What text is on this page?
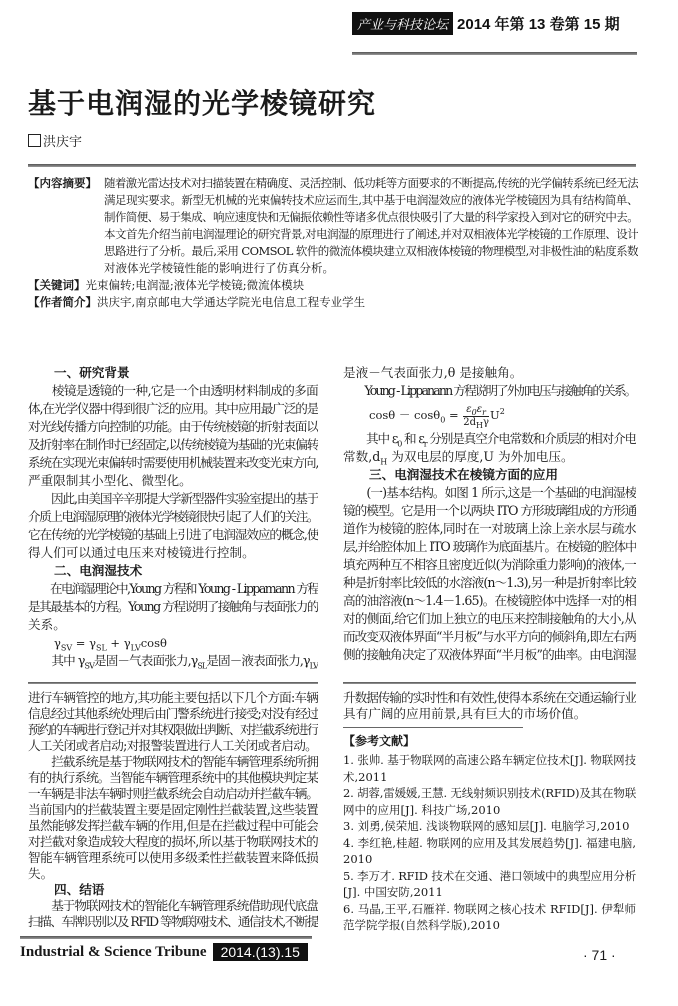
产业与科技论坛 2014 年第 13 卷第 15 期
基于电润湿的光学棱镜研究
洪庆宇
【内容摘要】 随着激光雷达技术对扫描装置在精确度、灵活控制、低功耗等方面要求的不断提高,传统的光学偏转系统已经无法
满足现实要求。新型无机械的光束偏转技术应运而生,其中基于电润湿效应的液体光学棱镜因为具有结构简单、
制作简便、易于集成、响应速度快和无偏振依赖性等诸多优点很快吸引了大量的科学家投入到对它的研究中去。
本文首先介绍当前电润湿理论的研究背景,对电润湿的原理进行了阐述,并对双相液体光学棱镜的工作原理、设计
思路进行了分析。最后,采用 COMSOL 软件的微流体模块建立双相液体棱镜的物理模型,对非极性油的粘度系数
对液体光学棱镜性能的影响进行了仿真分析。
【关键词】光束偏转;电润湿;液体光学棱镜;微流体模块
【作者简介】洪庆宇,南京邮电大学通达学院光电信息工程专业学生
一、研究背景
　　棱镜是透镜的一种,它是一个由透明材料制成的多面
体,在光学仪器中得到很广泛的应用。其中应用最广泛的是
对光线传播方向控制的功能。由于传统棱镜的折射表面以
及折射率在制作时已经固定,以传统棱镜为基础的光束偏转
系统在实现光束偏转时需要使用机械装置来改变光束方向,
严重限制其小型化、微型化。
　　因此,由美国辛辛那提大学新型器件实验室提出的基于
介质上电润湿原理的液体光学棱镜很快引起了人们的关注。
它在传统的光学棱镜的基础上引进了电润湿效应的概念,使
得人们可以通过电压来对棱镜进行控制。
二、电润湿技术
　　在电润湿理论中,Young 方程和 Young - Lippamann 方程
是其最基本的方程。Young 方程说明了接触角与表面张力的
关系。
$\gamma_{SV} = \gamma_{SL} + \gamma_{LV}\cos\theta$
　　其中 $\gamma_{SV}$是固－气表面张力$,\gamma_{SL}$是固－液表面张力$,\gamma_{LV}$
是液－气表面张力,θ 是接触角。
　　Young - Lippanann 方程说明了外加电压与接触角的关系。
$\cos\theta - \cos\theta_0 = \frac{\varepsilon_0\varepsilon_r}{2d_H\gamma} U^2$
　　其中 $\varepsilon_0$ 和 $\varepsilon_r$ 分别是真空介电常数和介质层的相对介电
常数$,d_H$ 为双电层的厚度,U 为外加电压。
三、电润湿技术在棱镜方面的应用
　　(一)基本结构。如图 1 所示,这是一个基础的电润湿棱
镜的模型。它是用一个以两块 ITO 方形玻璃组成的方形通
道作为棱镜的腔体,同时在一对玻璃上涂上亲水层与疏水
层,并给腔体加上 ITO 玻璃作为底面基片。在棱镜的腔体中
填充两种互不相容且密度近似(为消除重力影响)的液体,一
种是折射率比较低的水溶液(n～1.3),另一种是折射率比较
高的油溶液(n～1.4－1.65)。在棱镜腔体中选择一对的相
对的侧面,给它们加上独立的电压来控制接触角的大小,从
而改变双液体界面“半月板”与水平方向的倾斜角,即左右两
侧的接触角决定了双液体界面“半月板”的曲率。由电润湿
进行车辆管控的地方,其功能主要包括以下几个方面:车辆
信息经过其他系统处理后由门警系统进行接受;对没有经过
预约的车辆进行登记并对其权限做出判断、对拦截系统进行
人工关闭或者启动;对报警装置进行人工关闭或者启动。
　　拦截系统是基于物联网技术的智能车辆管理系统所拥
有的执行系统。当智能车辆管理系统中的其他模块判定某
一车辆是非法车辆时则拦截系统会自动启动并拦截车辆。
当前国内的拦截装置主要是固定刚性拦截装置,这些装置
虽然能够发挥拦截车辆的作用,但是在拦截过程中可能会
对拦截对象造成较大程度的损坏,所以基于物联网技术的
智能车辆管理系统可以使用多级柔性拦截装置来降低损
失。
四、结语
　　基于物联网技术的智能化车辆管理系统借助现代底盘
扫描、车牌识别以及 RFID 等物联网技术、通信技术,不断提
升数据传输的实时性和有效性,使得本系统在交通运输行业
具有广阔的应用前景,具有巨大的市场价值。
【参考文献】
1. 张帅. 基于物联网的高速公路车辆定位技术[J]. 物联网技
术,2011
2. 胡蓉,雷媛媛,王慧. 无线射频识别技术(RFID)及其在物联
网中的应用[J]. 科技广场,2010
3. 刘勇,侯荣旭. 浅谈物联网的感知层[J]. 电脑学习,2010
4. 李红艳,桂超. 物联网的应用及其发展趋势[J]. 福建电脑,
2010
5. 李万才. RFID 技术在交通、港口领域中的典型应用分析
[J]. 中国安防,2011
6. 马晶,王平,石雁祥. 物联网之核心技术 RFID[J]. 伊犁师
范学院学报(自然科学版),2010
Industrial & Science Tribune	2014.(13).15	· 71 ·
